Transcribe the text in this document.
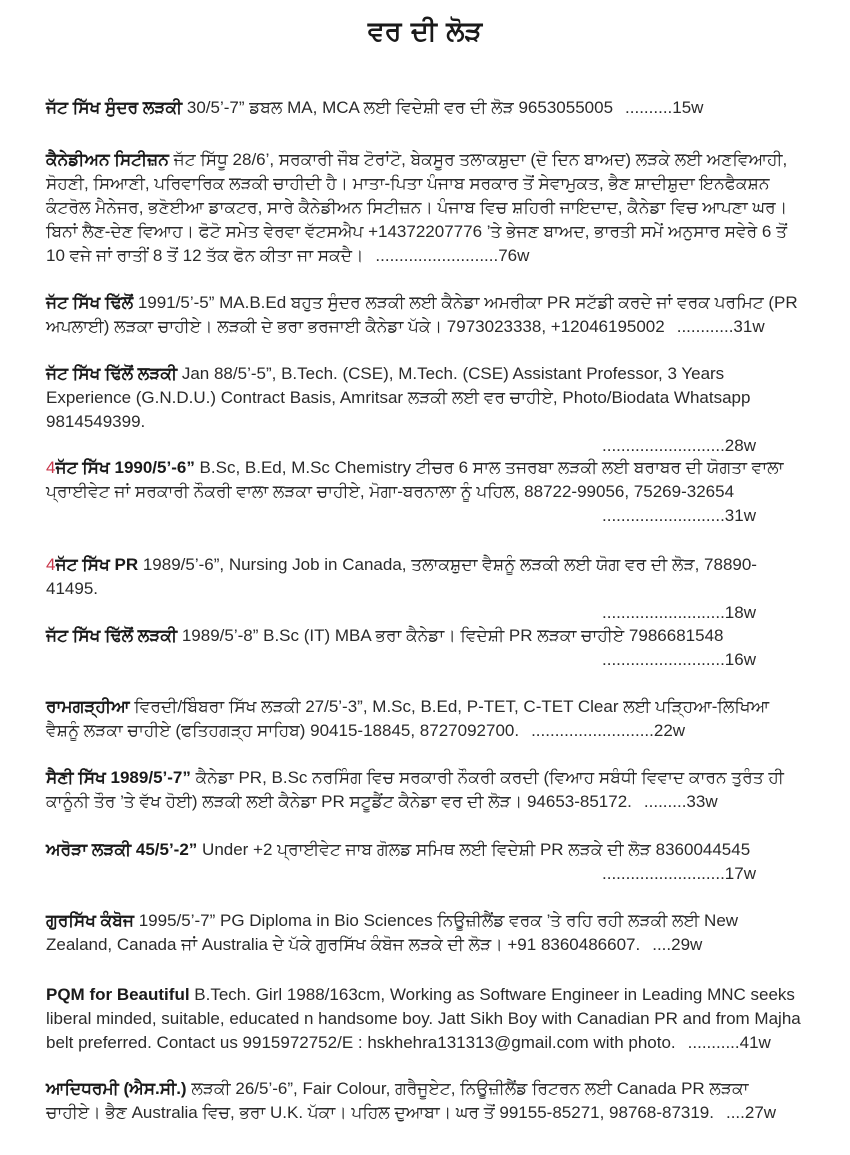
ਵਰ ਦੀ ਲੋੜ
ਜੱਟ ਸਿੱਖ ਸੁੰਦਰ ਲੜਕੀ 30/5’-7” ਡਬਲ MA, MCA ਲਈ ਵਿਦੇਸ਼ੀ ਵਰ ਦੀ ਲੋੜ 9653055005 ..........15w
ਕੈਨੇਡੀਅਨ ਸਿਟੀਜ਼ਨ ਜੱਟ ਸਿੱਧੂ 28/6’, ਸਰਕਾਰੀ ਜੌਬ ਟੋਰਾਂਟੋ, ਬੇਕਸੂਰ ਤਲਾਕਸ਼ੁਦਾ (ਦੋ ਦਿਨ ਬਾਅਦ) ਲੜਕੇ ਲਈ ਅਣਵਿਆਹੀ, ਸੋਹਣੀ, ਸਿਆਣੀ, ਪਰਿਵਾਰਿਕ ਲੜਕੀ ਚਾਹੀਦੀ ਹੈ। ਮਾਤਾ-ਪਿਤਾ ਪੰਜਾਬ ਸਰਕਾਰ ਤੋਂ ਸੇਵਾਮੁਕਤ, ਭੈਣ ਸ਼ਾਦੀਸ਼ੁਦਾ ਇਨਫੈਕਸ਼ਨ ਕੰਟਰੋਲ ਮੈਨੇਜਰ, ਭਣੋਈਆ ਡਾਕਟਰ, ਸਾਰੇ ਕੈਨੇਡੀਅਨ ਸਿਟੀਜ਼ਨ। ਪੰਜਾਬ ਵਿਚ ਸ਼ਹਿਰੀ ਜਾਇਦਾਦ, ਕੈਨੇਡਾ ਵਿਚ ਆਪਣਾ ਘਰ। ਬਿਨਾਂ ਲੈਣ-ਦੇਣ ਵਿਆਹ। ਫੋਟੋ ਸਮੇਤ ਵੇਰਵਾ ਵੱਟਸਐਪ +14372207776 ’ਤੇ ਭੇਜਣ ਬਾਅਦ, ਭਾਰਤੀ ਸਮੇਂ ਅਨੁਸਾਰ ਸਵੇਰੇ 6 ਤੋਂ 10 ਵਜੇ ਜਾਂ ਰਾਤੀਂ 8 ਤੋਂ 12 ਤੱਕ ਫੋਨ ਕੀਤਾ ਜਾ ਸਕਦੈ। ..........................76w
ਜੱਟ ਸਿੱਖ ਢਿੱਲੋਂ 1991/5’-5” MA.B.Ed ਬਹੁਤ ਸੁੰਦਰ ਲੜਕੀ ਲਈ ਕੈਨੇਡਾ ਅਮਰੀਕਾ PR ਸਟੱਡੀ ਕਰਦੇ ਜਾਂ ਵਰਕ ਪਰਮਿਟ (PR ਅਪਲਾਈ) ਲੜਕਾ ਚਾਹੀਏ। ਲੜਕੀ ਦੇ ਭਰਾ ਭਰਜਾਈ ਕੈਨੇਡਾ ਪੱਕੇ। 7973023338, +12046195002 ............31w
ਜੱਟ ਸਿੱਖ ਢਿੱਲੋਂ ਲੜਕੀ Jan 88/5’-5”, B.Tech. (CSE), M.Tech. (CSE) Assistant Professor, 3 Years Experience (G.N.D.U.) Contract Basis, Amritsar ਲੜਕੀ ਲਈ ਵਰ ਚਾਹੀਏ, Photo/Biodata Whatsapp 9814549399.
..........................28w
4ਜੱਟ ਸਿੱਖ 1990/5’-6” B.Sc, B.Ed, M.Sc Chemistry ਟੀਚਰ 6 ਸਾਲ ਤਜਰਬਾ ਲੜਕੀ ਲਈ ਬਰਾਬਰ ਦੀ ਯੋਗਤਾ ਵਾਲਾ ਪ੍ਰਾਈਵੇਟ ਜਾਂ ਸਰਕਾਰੀ ਨੌਕਰੀ ਵਾਲਾ ਲੜਕਾ ਚਾਹੀਏ, ਮੋਗਾ-ਬਰਨਾਲਾ ਨੂੰ ਪਹਿਲ, 88722-99056, 75269-32654
..........................31w
4ਜੱਟ ਸਿੱਖ PR 1989/5’-6”, Nursing Job in Canada, ਤਲਾਕਸ਼ੁਦਾ ਵੈਸ਼ਨੂੰ ਲੜਕੀ ਲਈ ਯੋਗ ਵਰ ਦੀ ਲੋੜ, 78890-41495.
..........................18w
ਜੱਟ ਸਿੱਖ ਢਿੱਲੋਂ ਲੜਕੀ 1989/5’-8” B.Sc (IT) MBA ਭਰਾ ਕੈਨੇਡਾ। ਵਿਦੇਸ਼ੀ PR ਲੜਕਾ ਚਾਹੀਏ 7986681548
..........................16w
ਰਾਮਗੜ੍ਹੀਆ ਵਿਰਦੀ/ਬਿੰਬਰਾ ਸਿੱਖ ਲੜਕੀ 27/5’-3”, M.Sc, B.Ed, P-TET, C-TET Clear ਲਈ ਪੜ੍ਹਿਆ-ਲਿਖਿਆ ਵੈਸ਼ਨੂੰ ਲੜਕਾ ਚਾਹੀਏ (ਫਤਿਹਗੜ੍ਹ ਸਾਹਿਬ) 90415-18845, 8727092700. ..........................22w
ਸੈਣੀ ਸਿੱਖ 1989/5’-7” ਕੈਨੇਡਾ PR, B.Sc ਨਰਸਿੰਗ ਵਿਚ ਸਰਕਾਰੀ ਨੌਕਰੀ ਕਰਦੀ (ਵਿਆਹ ਸਬੰਧੀ ਵਿਵਾਦ ਕਾਰਨ ਤੁਰੰਤ ਹੀ ਕਾਨੂੰਨੀ ਤੌਰ ’ਤੇ ਵੱਖ ਹੋਈ) ਲੜਕੀ ਲਈ ਕੈਨੇਡਾ PR ਸਟੂਡੈਂਟ ਕੈਨੇਡਾ ਵਰ ਦੀ ਲੋੜ। 94653-85172. .........33w
ਅਰੋੜਾ ਲੜਕੀ 45/5’-2” Under +2 ਪ੍ਰਾਈਵੇਟ ਜਾਬ ਗੋਲਡ ਸਮਿਥ ਲਈ ਵਿਦੇਸ਼ੀ PR ਲੜਕੇ ਦੀ ਲੋੜ 8360044545
..........................17w
ਗੁਰਸਿੱਖ ਕੰਬੋਜ 1995/5’-7” PG Diploma in Bio Sciences ਨਿਊਜ਼ੀਲੈਂਡ ਵਰਕ ’ਤੇ ਰਹਿ ਰਹੀ ਲੜਕੀ ਲਈ New Zealand, Canada ਜਾਂ Australia ਦੇ ਪੱਕੇ ਗੁਰਸਿੱਖ ਕੰਬੋਜ ਲੜਕੇ ਦੀ ਲੋੜ। +91 8360486607. ....29w
PQM for Beautiful B.Tech. Girl 1988/163cm, Working as Software Engineer in Leading MNC seeks liberal minded, suitable, educated n handsome boy. Jatt Sikh Boy with Canadian PR and from Majha belt preferred. Contact us 9915972752/E : hskhehra131313@gmail.com with photo. ...........41w
ਆਦਿਧਰਮੀ (ਐਸ.ਸੀ.) ਲੜਕੀ 26/5’-6”, Fair Colour, ਗਰੈਜੂਏਟ, ਨਿਊਜ਼ੀਲੈਂਡ ਰਿਟਰਨ ਲਈ Canada PR ਲੜਕਾ ਚਾਹੀਏ। ਭੈਣ Australia ਵਿਚ, ਭਰਾ U.K. ਪੱਕਾ। ਪਹਿਲ ਦੁਆਬਾ। ਘਰ ਤੋਂ 99155-85271, 98768-87319. ....27w
